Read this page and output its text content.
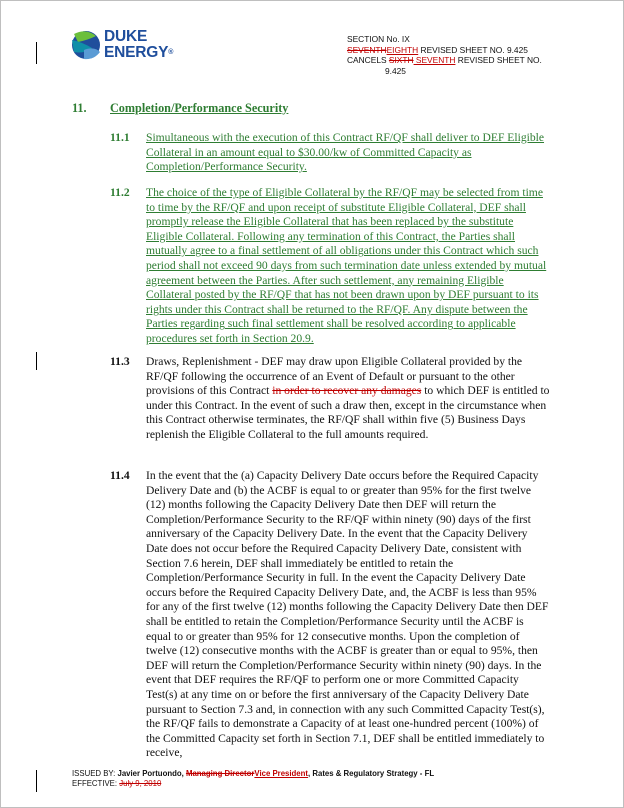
DUKE
ENERGY®
SECTION No. IX
SEVENTHEIGHTH REVISED SHEET NO. 9.425
CANCELS SIXTH SEVENTH REVISED SHEET NO.
9.425
11. Completion/Performance Security
11.1 Simultaneous with the execution of this Contract RF/QF shall deliver to DEF Eligible Collateral in an amount equal to $30.00/kw of Committed Capacity as Completion/Performance Security.
11.2 The choice of the type of Eligible Collateral by the RF/QF may be selected from time to time by the RF/QF and upon receipt of substitute Eligible Collateral, DEF shall promptly release the Eligible Collateral that has been replaced by the substitute Eligible Collateral. Following any termination of this Contract, the Parties shall mutually agree to a final settlement of all obligations under this Contract which such period shall not exceed 90 days from such termination date unless extended by mutual agreement between the Parties. After such settlement, any remaining Eligible Collateral posted by the RF/QF that has not been drawn upon by DEF pursuant to its rights under this Contract shall be returned to the RF/QF. Any dispute between the Parties regarding such final settlement shall be resolved according to applicable procedures set forth in Section 20.9.
11.3 Draws, Replenishment - DEF may draw upon Eligible Collateral provided by the RF/QF following the occurrence of an Event of Default or pursuant to the other provisions of this Contract in order to recover any damages to which DEF is entitled to under this Contract. In the event of such a draw then, except in the circumstance when this Contract otherwise terminates, the RF/QF shall within five (5) Business Days replenish the Eligible Collateral to the full amounts required.
11.4 In the event that the (a) Capacity Delivery Date occurs before the Required Capacity Delivery Date and (b) the ACBF is equal to or greater than 95% for the first twelve (12) months following the Capacity Delivery Date then DEF will return the Completion/Performance Security to the RF/QF within ninety (90) days of the first anniversary of the Capacity Delivery Date. In the event that the Capacity Delivery Date does not occur before the Required Capacity Delivery Date, consistent with Section 7.6 herein, DEF shall immediately be entitled to retain the Completion/Performance Security in full. In the event the Capacity Delivery Date occurs before the Required Capacity Delivery Date, and, the ACBF is less than 95% for any of the first twelve (12) months following the Capacity Delivery Date then DEF shall be entitled to retain the Completion/Performance Security until the ACBF is equal to or greater than 95% for 12 consecutive months. Upon the completion of twelve (12) consecutive months with the ACBF is greater than or equal to 95%, then DEF will return the Completion/Performance Security within ninety (90) days. In the event that DEF requires the RF/QF to perform one or more Committed Capacity Test(s) at any time on or before the first anniversary of the Capacity Delivery Date pursuant to Section 7.3 and, in connection with any such Committed Capacity Test(s), the RF/QF fails to demonstrate a Capacity of at least one-hundred percent (100%) of the Committed Capacity set forth in Section 7.1, DEF shall be entitled immediately to receive,
ISSUED BY: Javier Portuondo, Managing DirectorVice President, Rates & Regulatory Strategy - FL
EFFECTIVE: July 9, 2010
